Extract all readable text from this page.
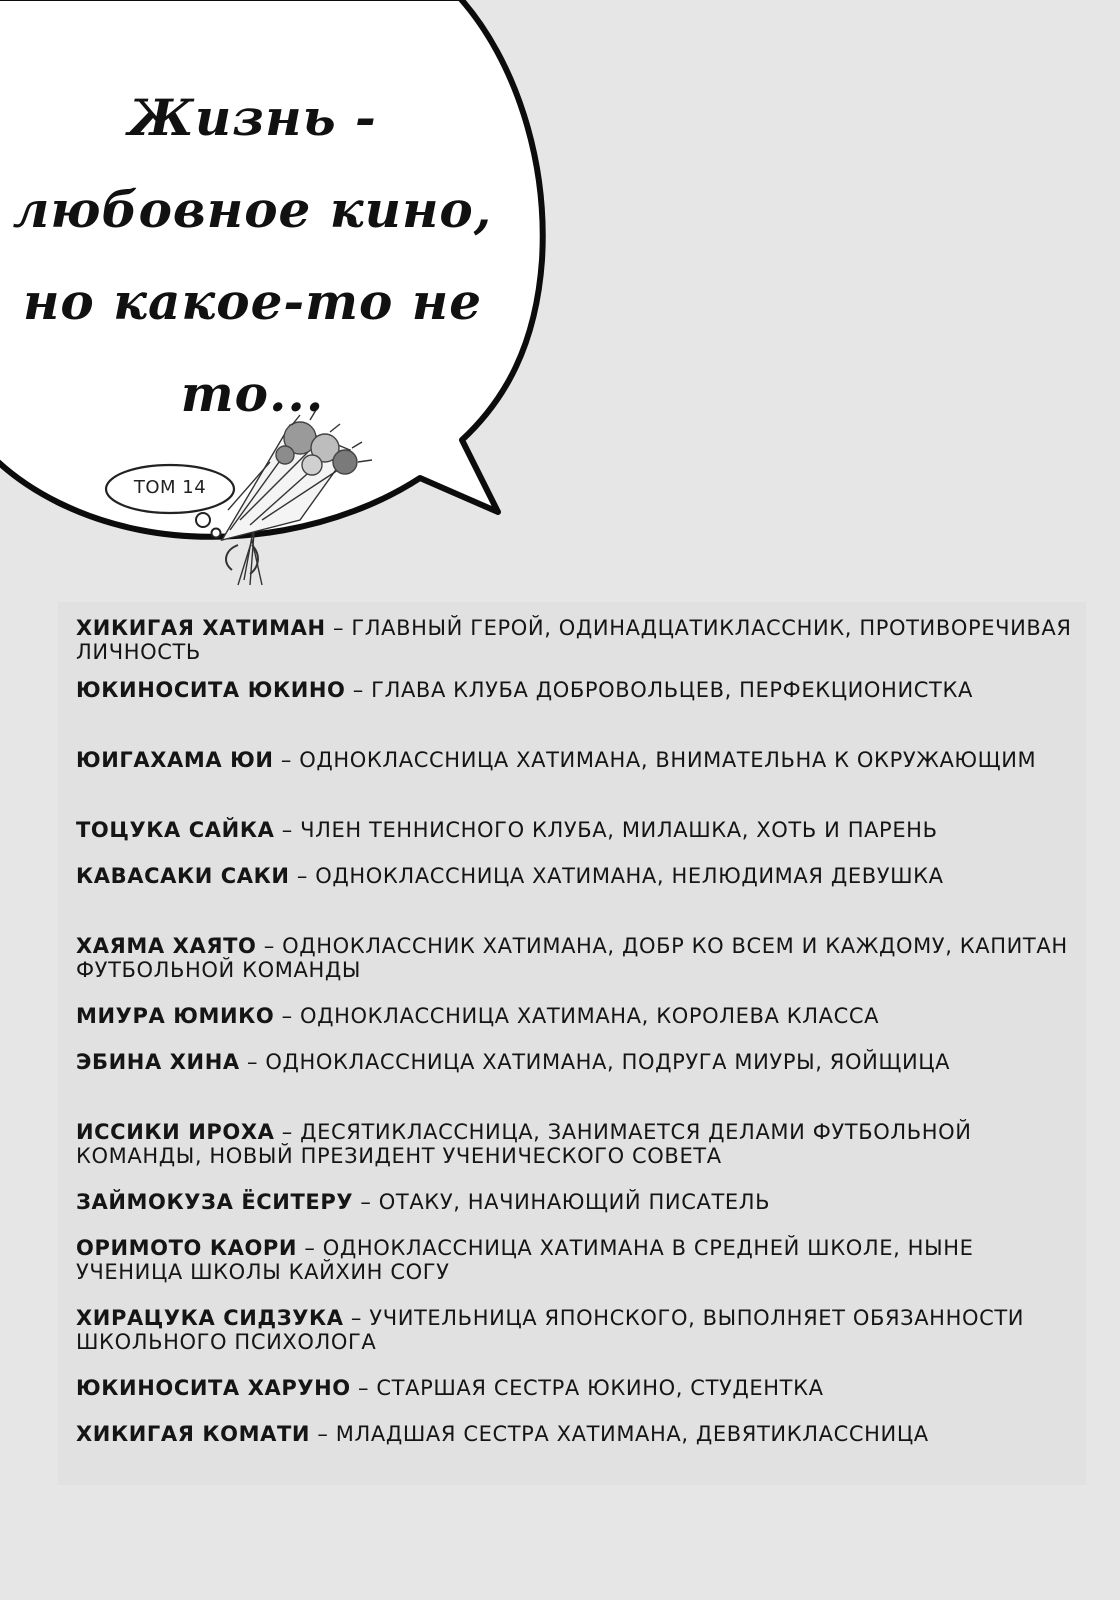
Жизнь -
любовное кино,
но какое-то не
то...
ТОМ 14
ХИКИГАЯ ХАТИМАН – ГЛАВНЫЙ ГЕРОЙ, ОДИНАДЦАТИКЛАССНИК, ПРОТИВОРЕЧИВАЯ ЛИЧНОСТЬ
ЮКИНОСИТА ЮКИНО – ГЛАВА КЛУБА ДОБРОВОЛЬЦЕВ, ПЕРФЕКЦИОНИСТКА
ЮИГАХАМА ЮИ – ОДНОКЛАССНИЦА ХАТИМАНА, ВНИМАТЕЛЬНА К ОКРУЖАЮЩИМ
ТОЦУКА САЙКА – ЧЛЕН ТЕННИСНОГО КЛУБА, МИЛАШКА, ХОТЬ И ПАРЕНЬ
КАВАСАКИ САКИ – ОДНОКЛАССНИЦА ХАТИМАНА, НЕЛЮДИМАЯ ДЕВУШКА
ХАЯМА ХАЯТО – ОДНОКЛАССНИК ХАТИМАНА, ДОБР КО ВСЕМ И КАЖДОМУ, КАПИТАН ФУТБОЛЬНОЙ КОМАНДЫ
МИУРА ЮМИКО – ОДНОКЛАССНИЦА ХАТИМАНА, КОРОЛЕВА КЛАССА
ЭБИНА ХИНА – ОДНОКЛАССНИЦА ХАТИМАНА, ПОДРУГА МИУРЫ, ЯОЙЩИЦА
ИССИКИ ИРОХА – ДЕСЯТИКЛАССНИЦА, ЗАНИМАЕТСЯ ДЕЛАМИ ФУТБОЛЬНОЙ КОМАНДЫ, НОВЫЙ ПРЕЗИДЕНТ УЧЕНИЧЕСКОГО СОВЕТА
ЗАЙМОКУЗА ЁСИТЕРУ – ОТАКУ, НАЧИНАЮЩИЙ ПИСАТЕЛЬ
ОРИМОТО КАОРИ – ОДНОКЛАССНИЦА ХАТИМАНА В СРЕДНЕЙ ШКОЛЕ, НЫНЕ УЧЕНИЦА ШКОЛЫ КАЙХИН СОГУ
ХИРАЦУКА СИДЗУКА – УЧИТЕЛЬНИЦА ЯПОНСКОГО, ВЫПОЛНЯЕТ ОБЯЗАННОСТИ ШКОЛЬНОГО ПСИХОЛОГА
ЮКИНОСИТА ХАРУНО – СТАРШАЯ СЕСТРА ЮКИНО, СТУДЕНТКА
ХИКИГАЯ КОМАТИ – МЛАДШАЯ СЕСТРА ХАТИМАНА, ДЕВЯТИКЛАССНИЦА
